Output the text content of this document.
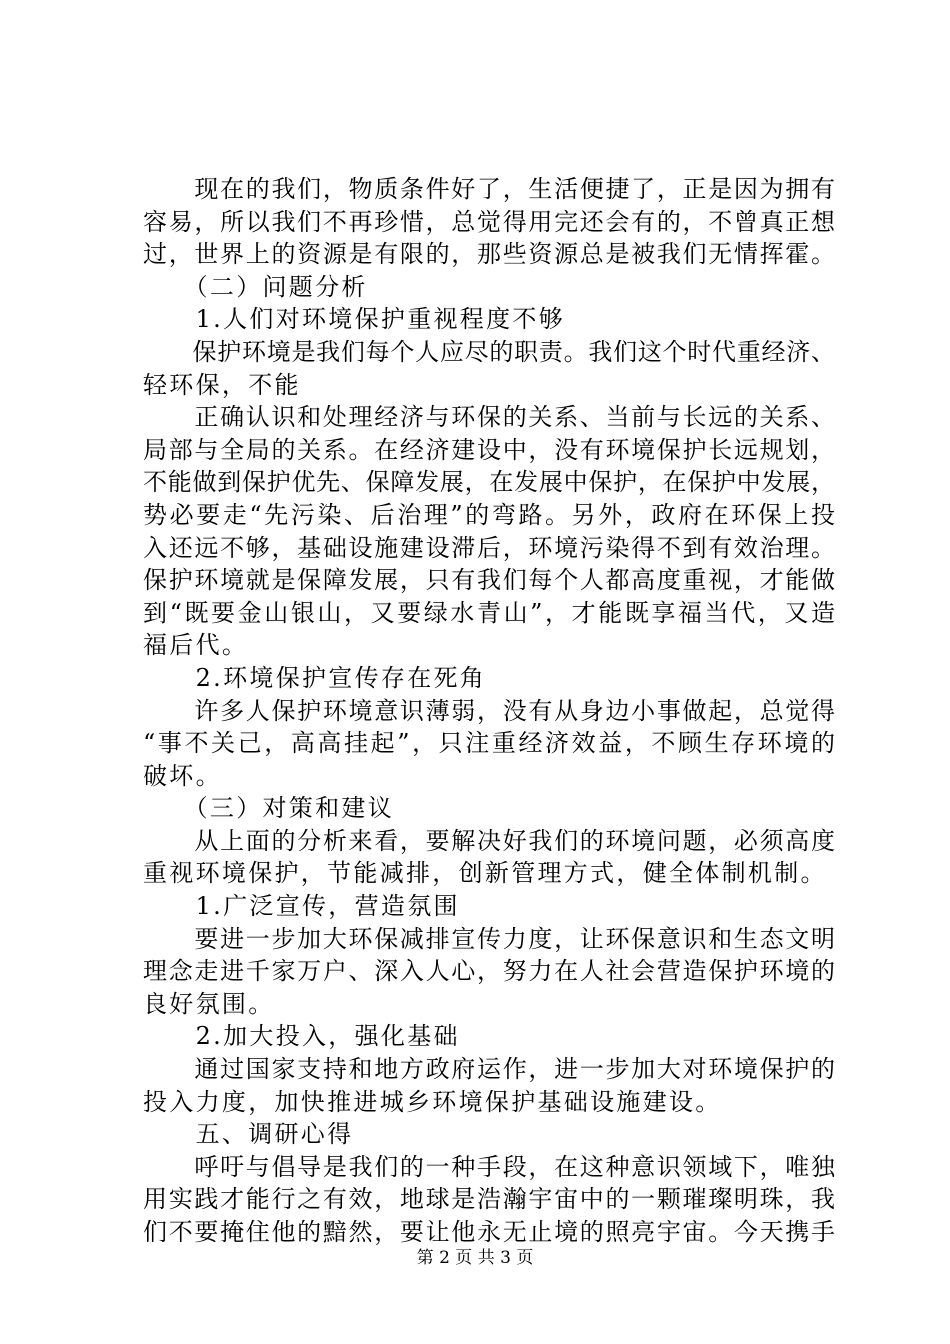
　　现在的我们，物质条件好了，生活便捷了，正是因为拥有
容易，所以我们不再珍惜，总觉得用完还会有的，不曾真正想
过，世界上的资源是有限的，那些资源总是被我们无情挥霍。
　　（二）问题分析
　　1.人们对环境保护重视程度不够
　　保护环境是我们每个人应尽的职责。我们这个时代重经济、
轻环保，不能
　　正确认识和处理经济与环保的关系、当前与长远的关系、
局部与全局的关系。在经济建设中，没有环境保护长远规划，
不能做到保护优先、保障发展，在发展中保护，在保护中发展，
势必要走“先污染、后治理”的弯路。另外，政府在环保上投
入还远不够，基础设施建设滞后，环境污染得不到有效治理。
保护环境就是保障发展，只有我们每个人都高度重视，才能做
到“既要金山银山，又要绿水青山”，才能既享福当代，又造
福后代。
　　2.环境保护宣传存在死角
　　许多人保护环境意识薄弱，没有从身边小事做起，总觉得
“事不关己，高高挂起”，只注重经济效益，不顾生存环境的
破坏。
　　（三）对策和建议
　　从上面的分析来看，要解决好我们的环境问题，必须高度
重视环境保护，节能减排，创新管理方式，健全体制机制。
　　1.广泛宣传，营造氛围
　　要进一步加大环保减排宣传力度，让环保意识和生态文明
理念走进千家万户、深入人心，努力在人社会营造保护环境的
良好氛围。
　　2.加大投入，强化基础
　　通过国家支持和地方政府运作，进一步加大对环境保护的
投入力度，加快推进城乡环境保护基础设施建设。
　　五、调研心得
　　呼吁与倡导是我们的一种手段，在这种意识领域下，唯独
用实践才能行之有效，地球是浩瀚宇宙中的一颗璀璨明珠，我
们不要掩住他的黯然，要让他永无止境的照亮宇宙。今天携手
第 2 页 共 3 页
